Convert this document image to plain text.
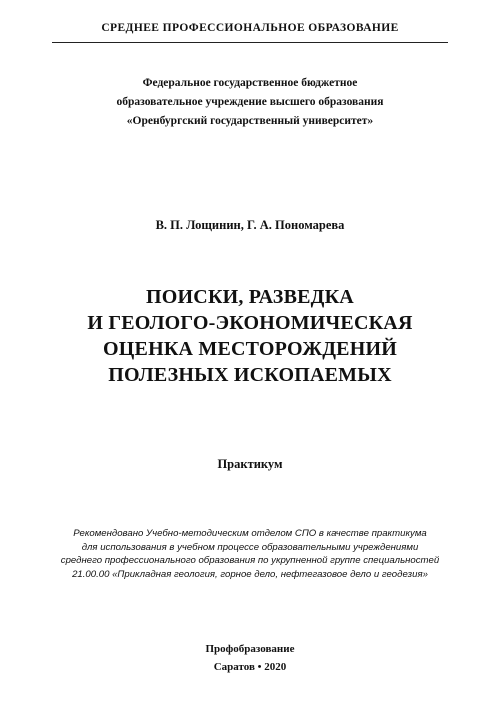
СРЕДНЕЕ ПРОФЕССИОНАЛЬНОЕ ОБРАЗОВАНИЕ
Федеральное государственное бюджетное
образовательное учреждение высшего образования
«Оренбургский государственный университет»
В. П. Лощинин, Г. А. Пономарева
ПОИСКИ, РАЗВЕДКА
И ГЕОЛОГО-ЭКОНОМИЧЕСКАЯ
ОЦЕНКА МЕСТОРОЖДЕНИЙ
ПОЛЕЗНЫХ ИСКОПАЕМЫХ
Практикум
Рекомендовано Учебно-методическим отделом СПО в качестве практикума
для использования в учебном процессе образовательными учреждениями
среднего профессионального образования по укрупненной группе специальностей
21.00.00 «Прикладная геология, горное дело, нефтегазовое дело и геодезия»
Профобразование
Саратов • 2020
